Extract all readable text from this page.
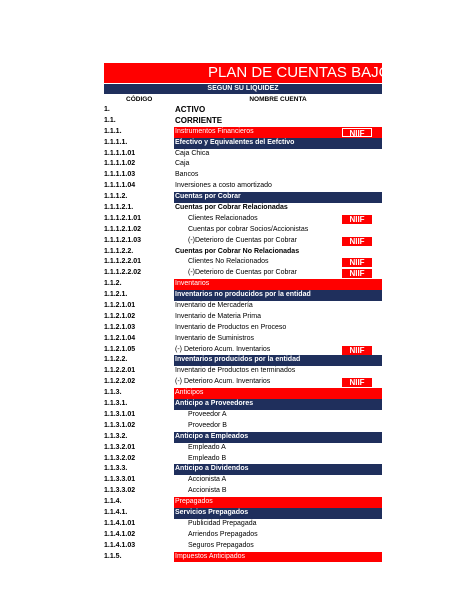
PLAN DE CUENTAS BAJO NIIF
SEGÚN SU LIQUIDEZ
CÓDIGO	NOMBRE CUENTA
1.	ACTIVO
1.1.	CORRIENTE
1.1.1.	Instrumentos Financieros	NIIF
1.1.1.1.	Efectivo y Equivalentes del Eefctivo
1.1.1.1.01	Caja Chica
1.1.1.1.02	Caja
1.1.1.1.03	Bancos
1.1.1.1.04	Inversiones a costo amortizado
1.1.1.2.	Cuentas por Cobrar
1.1.1.2.1.	Cuentas por Cobrar Relacionadas
1.1.1.2.1.01	Clientes Relacionados	NIIF
1.1.1.2.1.02	Cuentas por cobrar Socios/Accionistas
1.1.1.2.1.03	(-)Deterioro de Cuentas por Cobrar	NIIF
1.1.1.2.2.	Cuentas por Cobrar No Relacionadas
1.1.1.2.2.01	Clientes No Relacionados	NIIF
1.1.1.2.2.02	(-)Deterioro de Cuentas por Cobrar	NIIF
1.1.2.	Inventarios
1.1.2.1.	Inventarios no producidos por la entidad
1.1.2.1.01	Inventario de Mercadería
1.1.2.1.02	Inventario de Materia Prima
1.1.2.1.03	Inventario de Productos en Proceso
1.1.2.1.04	Inventario de Suministros
1.1.2.1.05	(-) Deterioro Acum. Inventarios	NIIF
1.1.2.2.	Inventarios producidos por la entidad
1.1.2.2.01	Inventario de Productos en terminados
1.1.2.2.02	(-) Deterioro Acum. Inventarios	NIIF
1.1.3.	Anticipos
1.1.3.1.	Anticipo a Proveedores
1.1.3.1.01	Proveedor A
1.1.3.1.02	Proveedor B
1.1.3.2.	Anticipo a Empleados
1.1.3.2.01	Empleado A
1.1.3.2.02	Empleado B
1.1.3.3.	Anticipo a Dividendos
1.1.3.3.01	Accionista A
1.1.3.3.02	Accionista B
1.1.4.	Prepagados
1.1.4.1.	Servicios Prepagados
1.1.4.1.01	Publicidad Prepagada
1.1.4.1.02	Arriendos Prepagados
1.1.4.1.03	Seguros Prepagados
1.1.5.	Impuestos Anticipados
